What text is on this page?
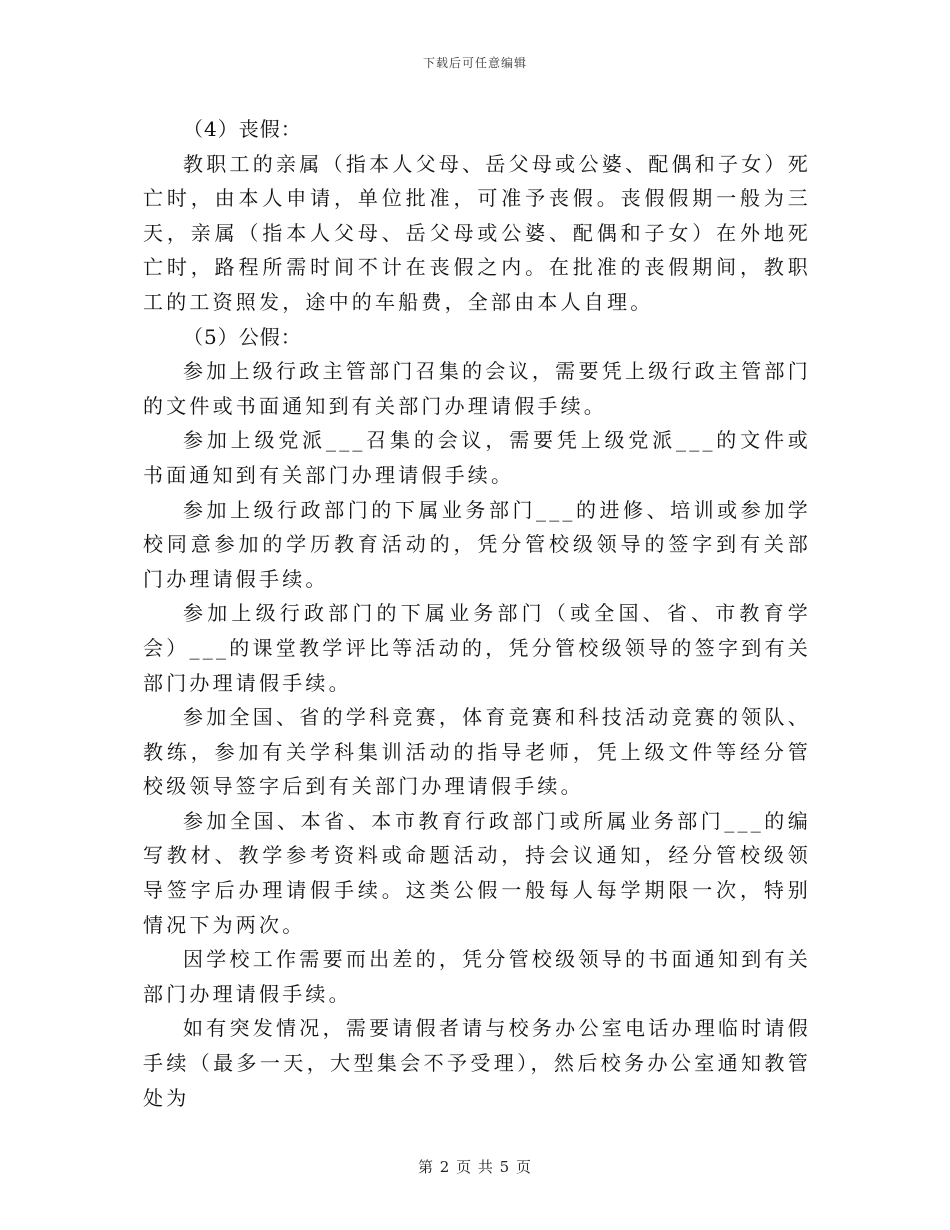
下载后可任意编辑

（4）丧假：

教职工的亲属（指本人父母、岳父母或公婆、配偶和子女）死亡时，由本人申请，单位批准，可准予丧假。丧假假期一般为三天，亲属（指本人父母、岳父母或公婆、配偶和子女）在外地死亡时，路程所需时间不计在丧假之内。在批准的丧假期间，教职工的工资照发，途中的车船费，全部由本人自理。

（5）公假：

参加上级行政主管部门召集的会议，需要凭上级行政主管部门的文件或书面通知到有关部门办理请假手续。

参加上级党派___召集的会议，需要凭上级党派___的文件或书面通知到有关部门办理请假手续。

参加上级行政部门的下属业务部门___的进修、培训或参加学校同意参加的学历教育活动的，凭分管校级领导的签字到有关部门办理请假手续。

参加上级行政部门的下属业务部门（或全国、省、市教育学会）___的课堂教学评比等活动的，凭分管校级领导的签字到有关部门办理请假手续。

参加全国、省的学科竞赛，体育竞赛和科技活动竞赛的领队、教练，参加有关学科集训活动的指导老师，凭上级文件等经分管校级领导签字后到有关部门办理请假手续。

参加全国、本省、本市教育行政部门或所属业务部门___的编写教材、教学参考资料或命题活动，持会议通知，经分管校级领导签字后办理请假手续。这类公假一般每人每学期限一次，特别情况下为两次。

因学校工作需要而出差的，凭分管校级领导的书面通知到有关部门办理请假手续。

如有突发情况，需要请假者请与校务办公室电话办理临时请假手续（最多一天，大型集会不予受理），然后校务办公室通知教管处为

第 2 页 共 5 页
